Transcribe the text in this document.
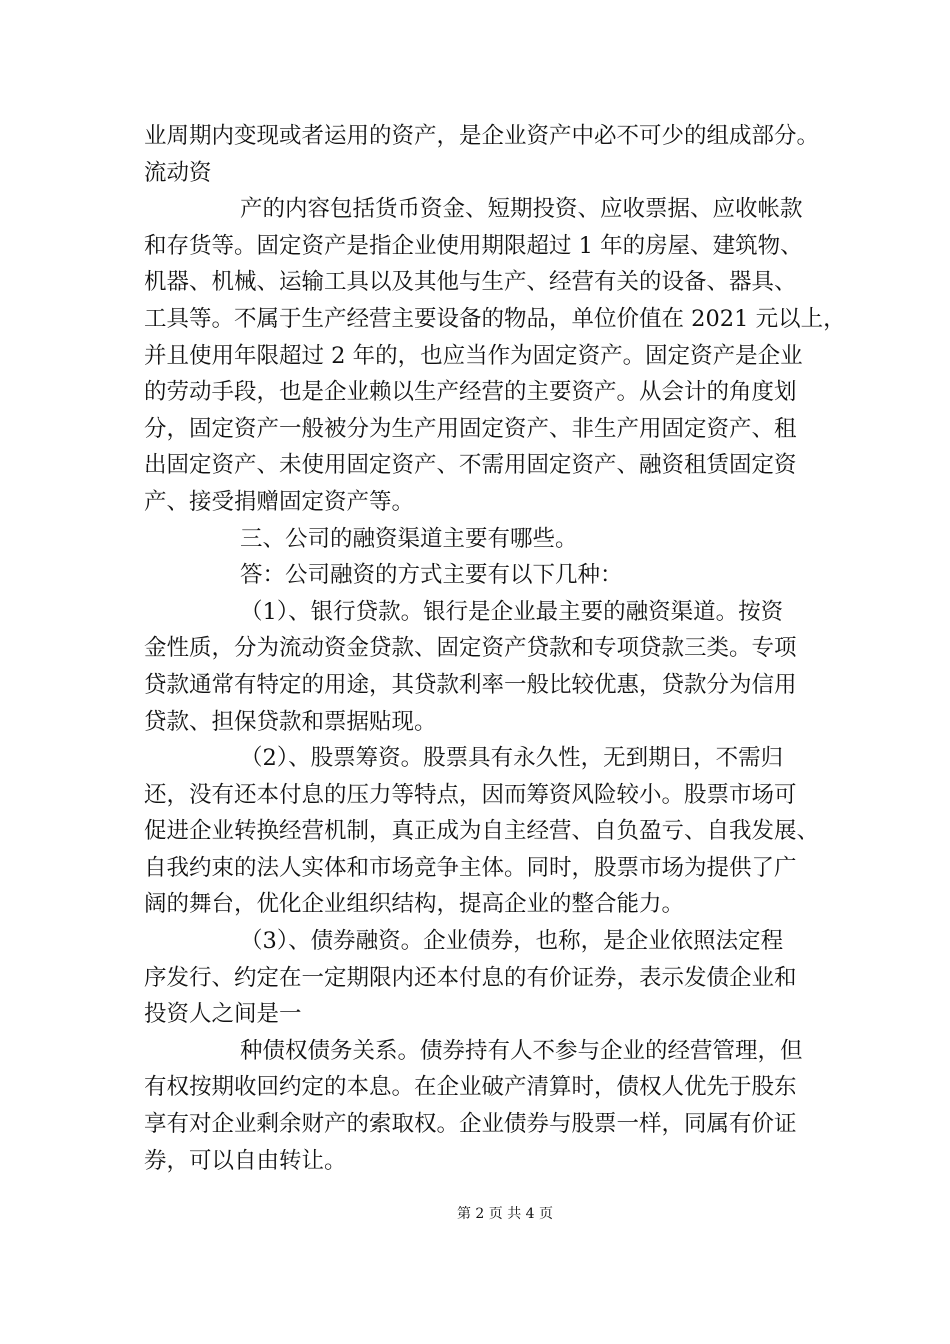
业周期内变现或者运用的资产，是企业资产中必不可少的组成部分。
流动资
产的内容包括货币资金、短期投资、应收票据、应收帐款
和存货等。固定资产是指企业使用期限超过 1 年的房屋、建筑物、
机器、机械、运输工具以及其他与生产、经营有关的设备、器具、
工具等。不属于生产经营主要设备的物品，单位价值在 2021 元以上，
并且使用年限超过 2 年的，也应当作为固定资产。固定资产是企业
的劳动手段，也是企业赖以生产经营的主要资产。从会计的角度划
分，固定资产一般被分为生产用固定资产、非生产用固定资产、租
出固定资产、未使用固定资产、不需用固定资产、融资租赁固定资
产、接受捐赠固定资产等。
三、公司的融资渠道主要有哪些。
答：公司融资的方式主要有以下几种：
（1）、银行贷款。银行是企业最主要的融资渠道。按资
金性质，分为流动资金贷款、固定资产贷款和专项贷款三类。专项
贷款通常有特定的用途，其贷款利率一般比较优惠，贷款分为信用
贷款、担保贷款和票据贴现。
（2）、股票筹资。股票具有永久性，无到期日，不需归
还，没有还本付息的压力等特点，因而筹资风险较小。股票市场可
促进企业转换经营机制，真正成为自主经营、自负盈亏、自我发展、
自我约束的法人实体和市场竞争主体。同时，股票市场为提供了广
阔的舞台，优化企业组织结构，提高企业的整合能力。
（3）、债券融资。企业债券，也称，是企业依照法定程
序发行、约定在一定期限内还本付息的有价证券，表示发债企业和
投资人之间是一
种债权债务关系。债券持有人不参与企业的经营管理，但
有权按期收回约定的本息。在企业破产清算时，债权人优先于股东
享有对企业剩余财产的索取权。企业债券与股票一样，同属有价证
券，可以自由转让。
第 2 页 共 4 页
